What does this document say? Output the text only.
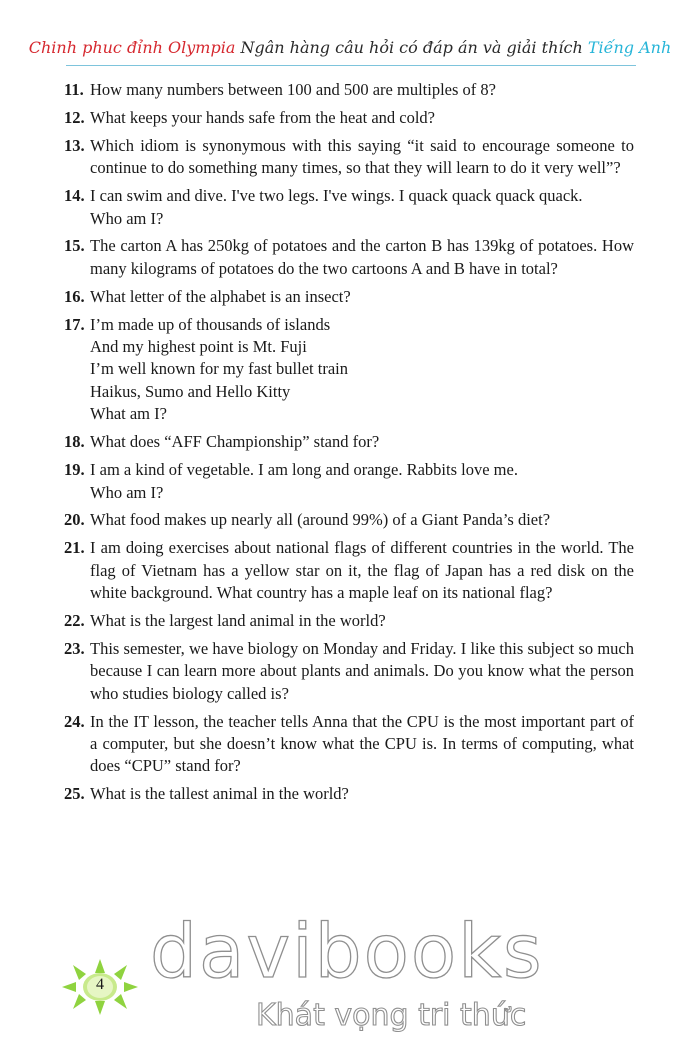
Chinh phuc đỉnh Olympia Ngân hàng câu hỏi có đáp án và giải thích Tiếng Anh
11. How many numbers between 100 and 500 are multiples of 8?
12. What keeps your hands safe from the heat and cold?
13. Which idiom is synonymous with this saying “it said to encourage someone to continue to do something many times, so that they will learn to do it very well”?
14. I can swim and dive. I've two legs. I've wings. I quack quack quack quack.
Who am I?
15. The carton A has 250kg of potatoes and the carton B has 139kg of potatoes. How many kilograms of potatoes do the two cartoons A and B have in total?
16. What letter of the alphabet is an insect?
17. I’m made up of thousands of islands
And my highest point is Mt. Fuji
I’m well known for my fast bullet train
Haikus, Sumo and Hello Kitty
What am I?
18. What does “AFF Championship” stand for?
19. I am a kind of vegetable. I am long and orange. Rabbits love me.
Who am I?
20. What food makes up nearly all (around 99%) of a Giant Panda’s diet?
21. I am doing exercises about national flags of different countries in the world. The flag of Vietnam has a yellow star on it, the flag of Japan has a red disk on the white background. What country has a maple leaf on its national flag?
22. What is the largest land animal in the world?
23. This semester, we have biology on Monday and Friday. I like this subject so much because I can learn more about plants and animals. Do you know what the person who studies biology called is?
24. In the IT lesson, the teacher tells Anna that the CPU is the most important part of a computer, but she doesn’t know what the CPU is. In terms of computing, what does “CPU” stand for?
25. What is the tallest animal in the world?
4 davibooks
Khát vọng tri thức
